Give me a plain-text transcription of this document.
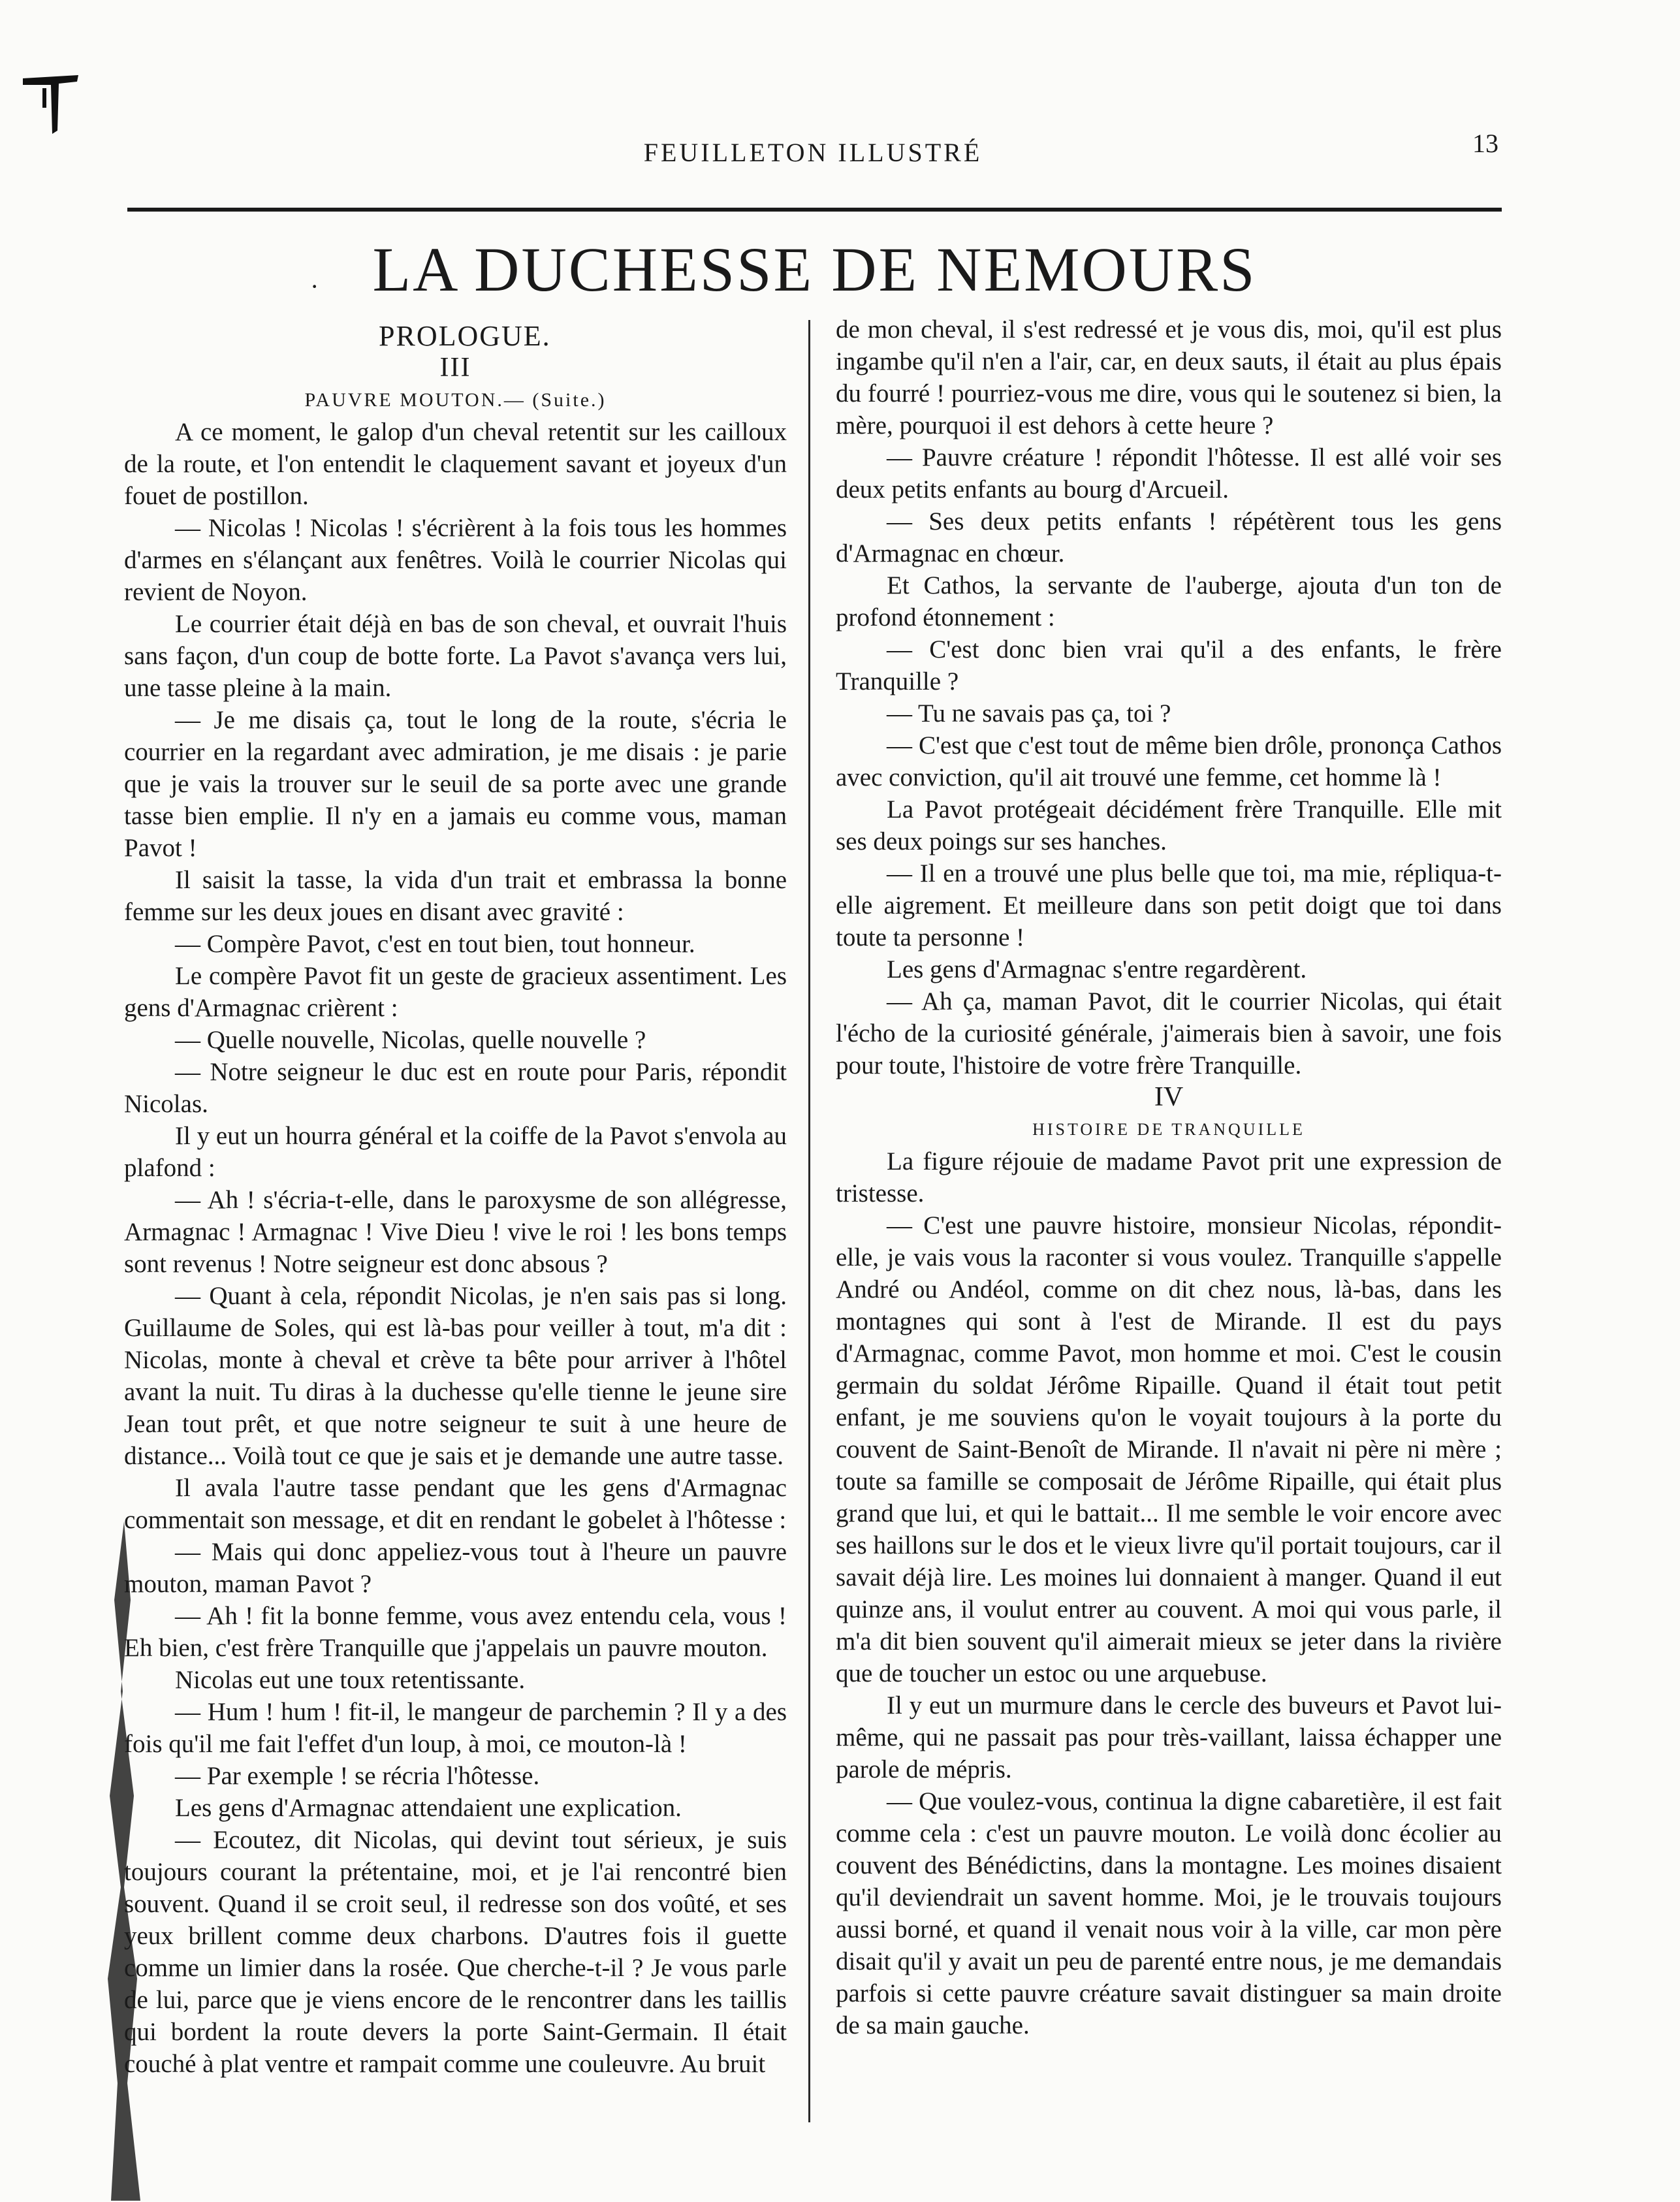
FEUILLETON ILLUSTRÉ	13
· LA DUCHESSE DE NEMOURS

PROLOGUE.

III

PAUVRE MOUTON.— (Suite.)

A ce moment, le galop d'un cheval retentit sur les cailloux de la route, et l'on entendit le claquement savant et joyeux d'un fouet de postillon.

— Nicolas ! Nicolas ! s'écrièrent à la fois tous les hommes d'armes en s'élançant aux fenêtres. Voilà le courrier Nicolas qui revient de Noyon.

Le courrier était déjà en bas de son cheval, et ouvrait l'huis sans façon, d'un coup de botte forte. La Pavot s'avança vers lui, une tasse pleine à la main.

— Je me disais ça, tout le long de la route, s'écria le courrier en la regardant avec admiration, je me disais : je parie que je vais la trouver sur le seuil de sa porte avec une grande tasse bien emplie. Il n'y en a jamais eu comme vous, maman Pavot !

Il saisit la tasse, la vida d'un trait et embrassa la bonne femme sur les deux joues en disant avec gravité :

— Compère Pavot, c'est en tout bien, tout honneur.

Le compère Pavot fit un geste de gracieux assentiment. Les gens d'Armagnac crièrent :

— Quelle nouvelle, Nicolas, quelle nouvelle ?

— Notre seigneur le duc est en route pour Paris, répondit Nicolas.

Il y eut un hourra général et la coiffe de la Pavot s'envola au plafond :

— Ah ! s'écria-t-elle, dans le paroxysme de son allégresse, Armagnac ! Armagnac ! Vive Dieu ! vive le roi ! les bons temps sont revenus ! Notre seigneur est donc absous ?

— Quant à cela, répondit Nicolas, je n'en sais pas si long. Guillaume de Soles, qui est là-bas pour veiller à tout, m'a dit : Nicolas, monte à cheval et crève ta bête pour arriver à l'hôtel avant la nuit. Tu diras à la duchesse qu'elle tienne le jeune sire Jean tout prêt, et que notre seigneur te suit à une heure de distance... Voilà tout ce que je sais et je demande une autre tasse.

Il avala l'autre tasse pendant que les gens d'Armagnac commentait son message, et dit en rendant le gobelet à l'hôtesse :

— Mais qui donc appeliez-vous tout à l'heure un pauvre mouton, maman Pavot ?

— Ah ! fit la bonne femme, vous avez entendu cela, vous ! Eh bien, c'est frère Tranquille que j'appelais un pauvre mouton.

Nicolas eut une toux retentissante.

— Hum ! hum ! fit-il, le mangeur de parchemin ? Il y a des fois qu'il me fait l'effet d'un loup, à moi, ce mouton-là !

— Par exemple ! se récria l'hôtesse.

Les gens d'Armagnac attendaient une explication.

— Ecoutez, dit Nicolas, qui devint tout sérieux, je suis toujours courant la prétentaine, moi, et je l'ai rencontré bien souvent. Quand il se croit seul, il redresse son dos voûté, et ses yeux brillent comme deux charbons. D'autres fois il guette comme un limier dans la rosée. Que cherche-t-il ? Je vous parle de lui, parce que je viens encore de le rencontrer dans les taillis qui bordent la route devers la porte Saint-Germain. Il était couché à plat ventre et rampait comme une couleuvre. Au bruit

de mon cheval, il s'est redressé et je vous dis, moi, qu'il est plus ingambe qu'il n'en a l'air, car, en deux sauts, il était au plus épais du fourré ! pourriez-vous me dire, vous qui le soutenez si bien, la mère, pourquoi il est dehors à cette heure ?

— Pauvre créature ! répondit l'hôtesse. Il est allé voir ses deux petits enfants au bourg d'Arcueil.

— Ses deux petits enfants ! répétèrent tous les gens d'Armagnac en chœur.

Et Cathos, la servante de l'auberge, ajouta d'un ton de profond étonnement :

— C'est donc bien vrai qu'il a des enfants, le frère Tranquille ?

— Tu ne savais pas ça, toi ?

— C'est que c'est tout de même bien drôle, prononça Cathos avec conviction, qu'il ait trouvé une femme, cet homme là !

La Pavot protégeait décidément frère Tranquille. Elle mit ses deux poings sur ses hanches.

— Il en a trouvé une plus belle que toi, ma mie, répliqua-t-elle aigrement. Et meilleure dans son petit doigt que toi dans toute ta personne !

Les gens d'Armagnac s'entre regardèrent.

— Ah ça, maman Pavot, dit le courrier Nicolas, qui était l'écho de la curiosité générale, j'aimerais bien à savoir, une fois pour toute, l'histoire de votre frère Tranquille.

IV

HISTOIRE DE TRANQUILLE

La figure réjouie de madame Pavot prit une expression de tristesse.

— C'est une pauvre histoire, monsieur Nicolas, répondit-elle, je vais vous la raconter si vous voulez. Tranquille s'appelle André ou Andéol, comme on dit chez nous, là-bas, dans les montagnes qui sont à l'est de Mirande. Il est du pays d'Armagnac, comme Pavot, mon homme et moi. C'est le cousin germain du soldat Jérôme Ripaille. Quand il était tout petit enfant, je me souviens qu'on le voyait toujours à la porte du couvent de Saint-Benoît de Mirande. Il n'avait ni père ni mère ; toute sa famille se composait de Jérôme Ripaille, qui était plus grand que lui, et qui le battait... Il me semble le voir encore avec ses haillons sur le dos et le vieux livre qu'il portait toujours, car il savait déjà lire. Les moines lui donnaient à manger. Quand il eut quinze ans, il voulut entrer au couvent. A moi qui vous parle, il m'a dit bien souvent qu'il aimerait mieux se jeter dans la rivière que de toucher un estoc ou une arquebuse.

Il y eut un murmure dans le cercle des buveurs et Pavot lui-même, qui ne passait pas pour très-vaillant, laissa échapper une parole de mépris.

— Que voulez-vous, continua la digne cabaretière, il est fait comme cela : c'est un pauvre mouton. Le voilà donc écolier au couvent des Bénédictins, dans la montagne. Les moines disaient qu'il deviendrait un savent homme. Moi, je le trouvais toujours aussi borné, et quand il venait nous voir à la ville, car mon père disait qu'il y avait un peu de parenté entre nous, je me demandais parfois si cette pauvre créature savait distinguer sa main droite de sa main gauche.
